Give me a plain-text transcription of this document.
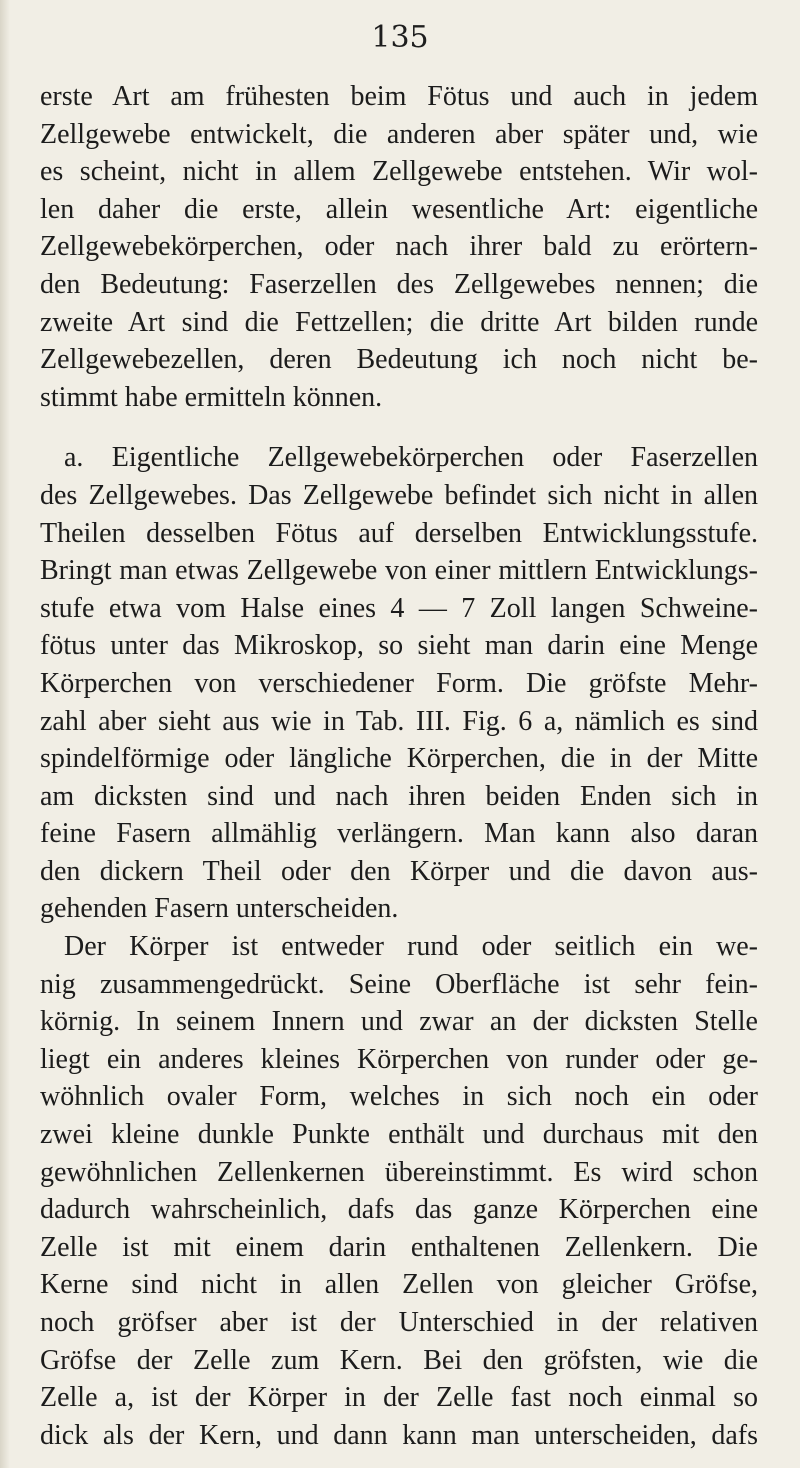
135
erste Art am frühesten beim Fötus und auch in jedem
Zellgewebe entwickelt, die anderen aber später und, wie
es scheint, nicht in allem Zellgewebe entstehen. Wir wol-
len daher die erste, allein wesentliche Art: eigentliche
Zellgewebekörperchen, oder nach ihrer bald zu erörtern-
den Bedeutung: Faserzellen des Zellgewebes nennen; die
zweite Art sind die Fettzellen; die dritte Art bilden runde
Zellgewebezellen, deren Bedeutung ich noch nicht be-
stimmt habe ermitteln können.
a. Eigentliche Zellgewebekörperchen oder Faserzellen
des Zellgewebes. Das Zellgewebe befindet sich nicht in allen
Theilen desselben Fötus auf derselben Entwicklungsstufe.
Bringt man etwas Zellgewebe von einer mittlern Entwicklungs-
stufe etwa vom Halse eines 4 — 7 Zoll langen Schweine-
fötus unter das Mikroskop, so sieht man darin eine Menge
Körperchen von verschiedener Form. Die gröfste Mehr-
zahl aber sieht aus wie in Tab. III. Fig. 6 a, nämlich es sind
spindelförmige oder längliche Körperchen, die in der Mitte
am dicksten sind und nach ihren beiden Enden sich in
feine Fasern allmählig verlängern. Man kann also daran
den dickern Theil oder den Körper und die davon aus-
gehenden Fasern unterscheiden.
Der Körper ist entweder rund oder seitlich ein we-
nig zusammengedrückt. Seine Oberfläche ist sehr fein-
körnig. In seinem Innern und zwar an der dicksten Stelle
liegt ein anderes kleines Körperchen von runder oder ge-
wöhnlich ovaler Form, welches in sich noch ein oder
zwei kleine dunkle Punkte enthält und durchaus mit den
gewöhnlichen Zellenkernen übereinstimmt. Es wird schon
dadurch wahrscheinlich, dafs das ganze Körperchen eine
Zelle ist mit einem darin enthaltenen Zellenkern. Die
Kerne sind nicht in allen Zellen von gleicher Gröfse,
noch gröfser aber ist der Unterschied in der relativen
Gröfse der Zelle zum Kern. Bei den gröfsten, wie die
Zelle a, ist der Körper in der Zelle fast noch einmal so
dick als der Kern, und dann kann man unterscheiden, dafs
